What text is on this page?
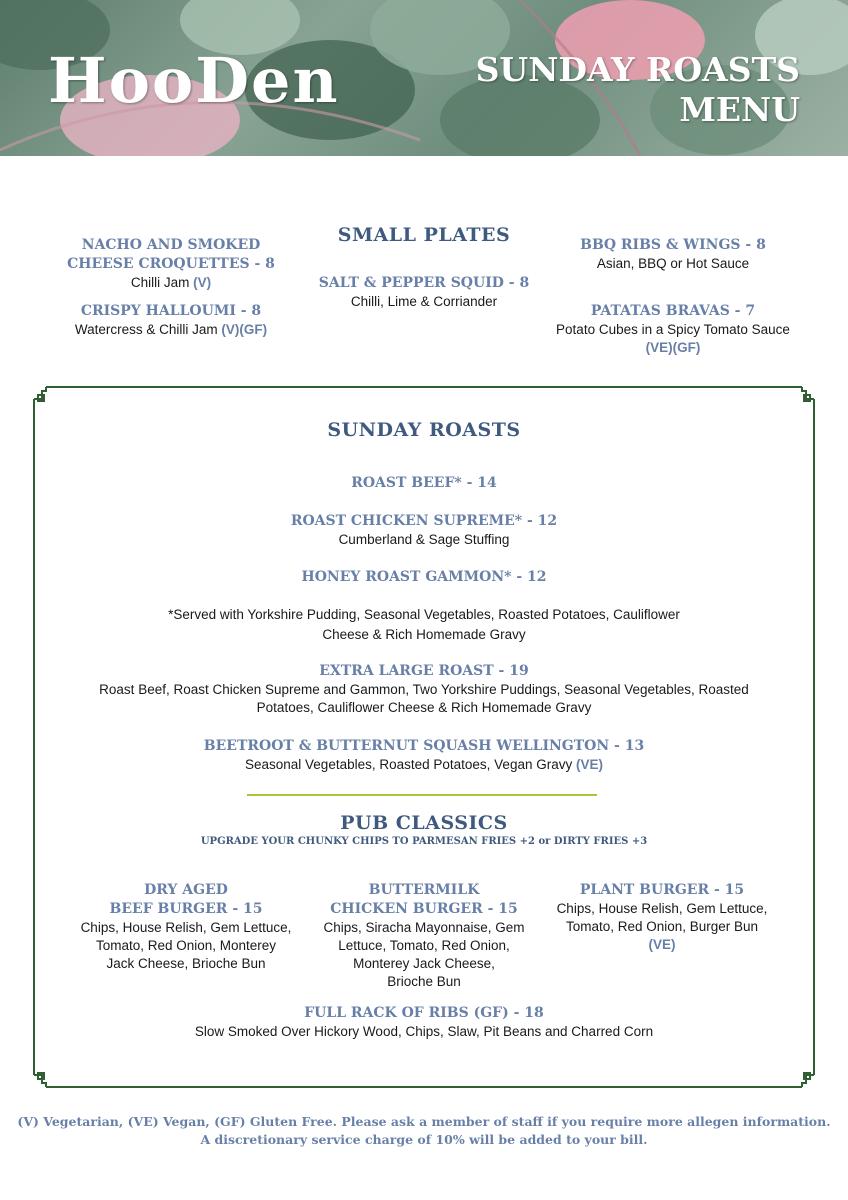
HooDen	SUNDAY ROASTS
MENU
SMALL PLATES
NACHO AND SMOKED
CHEESE CROQUETTES - 8
Chilli Jam (V)
CRISPY HALLOUMI - 8
Watercress & Chilli Jam (V)(GF)
SALT & PEPPER SQUID - 8
Chilli, Lime & Corriander
BBQ RIBS & WINGS - 8
Asian, BBQ or Hot Sauce
PATATAS BRAVAS - 7
Potato Cubes in a Spicy Tomato Sauce
(VE)(GF)
SUNDAY ROASTS
ROAST BEEF* - 14
ROAST CHICKEN SUPREME* - 12
Cumberland & Sage Stuffing
HONEY ROAST GAMMON* - 12
*Served with Yorkshire Pudding, Seasonal Vegetables, Roasted Potatoes, Cauliflower
Cheese & Rich Homemade Gravy
EXTRA LARGE ROAST - 19
Roast Beef, Roast Chicken Supreme and Gammon, Two Yorkshire Puddings, Seasonal Vegetables, Roasted
Potatoes, Cauliflower Cheese & Rich Homemade Gravy
BEETROOT & BUTTERNUT SQUASH WELLINGTON - 13
Seasonal Vegetables, Roasted Potatoes, Vegan Gravy (VE)
PUB CLASSICS
UPGRADE YOUR CHUNKY CHIPS TO PARMESAN FRIES +2 or DIRTY FRIES +3
DRY AGED
BEEF BURGER - 15
Chips, House Relish, Gem Lettuce,
Tomato, Red Onion, Monterey
Jack Cheese, Brioche Bun
BUTTERMILK
CHICKEN BURGER - 15
Chips, Siracha Mayonnaise, Gem
Lettuce, Tomato, Red Onion,
Monterey Jack Cheese,
Brioche Bun
PLANT BURGER - 15
Chips, House Relish, Gem Lettuce,
Tomato, Red Onion, Burger Bun
(VE)
FULL RACK OF RIBS (GF) - 18
Slow Smoked Over Hickory Wood, Chips, Slaw, Pit Beans and Charred Corn
(V) Vegetarian, (VE) Vegan, (GF) Gluten Free. Please ask a member of staff if you require more allegen information.
A discretionary service charge of 10% will be added to your bill.
